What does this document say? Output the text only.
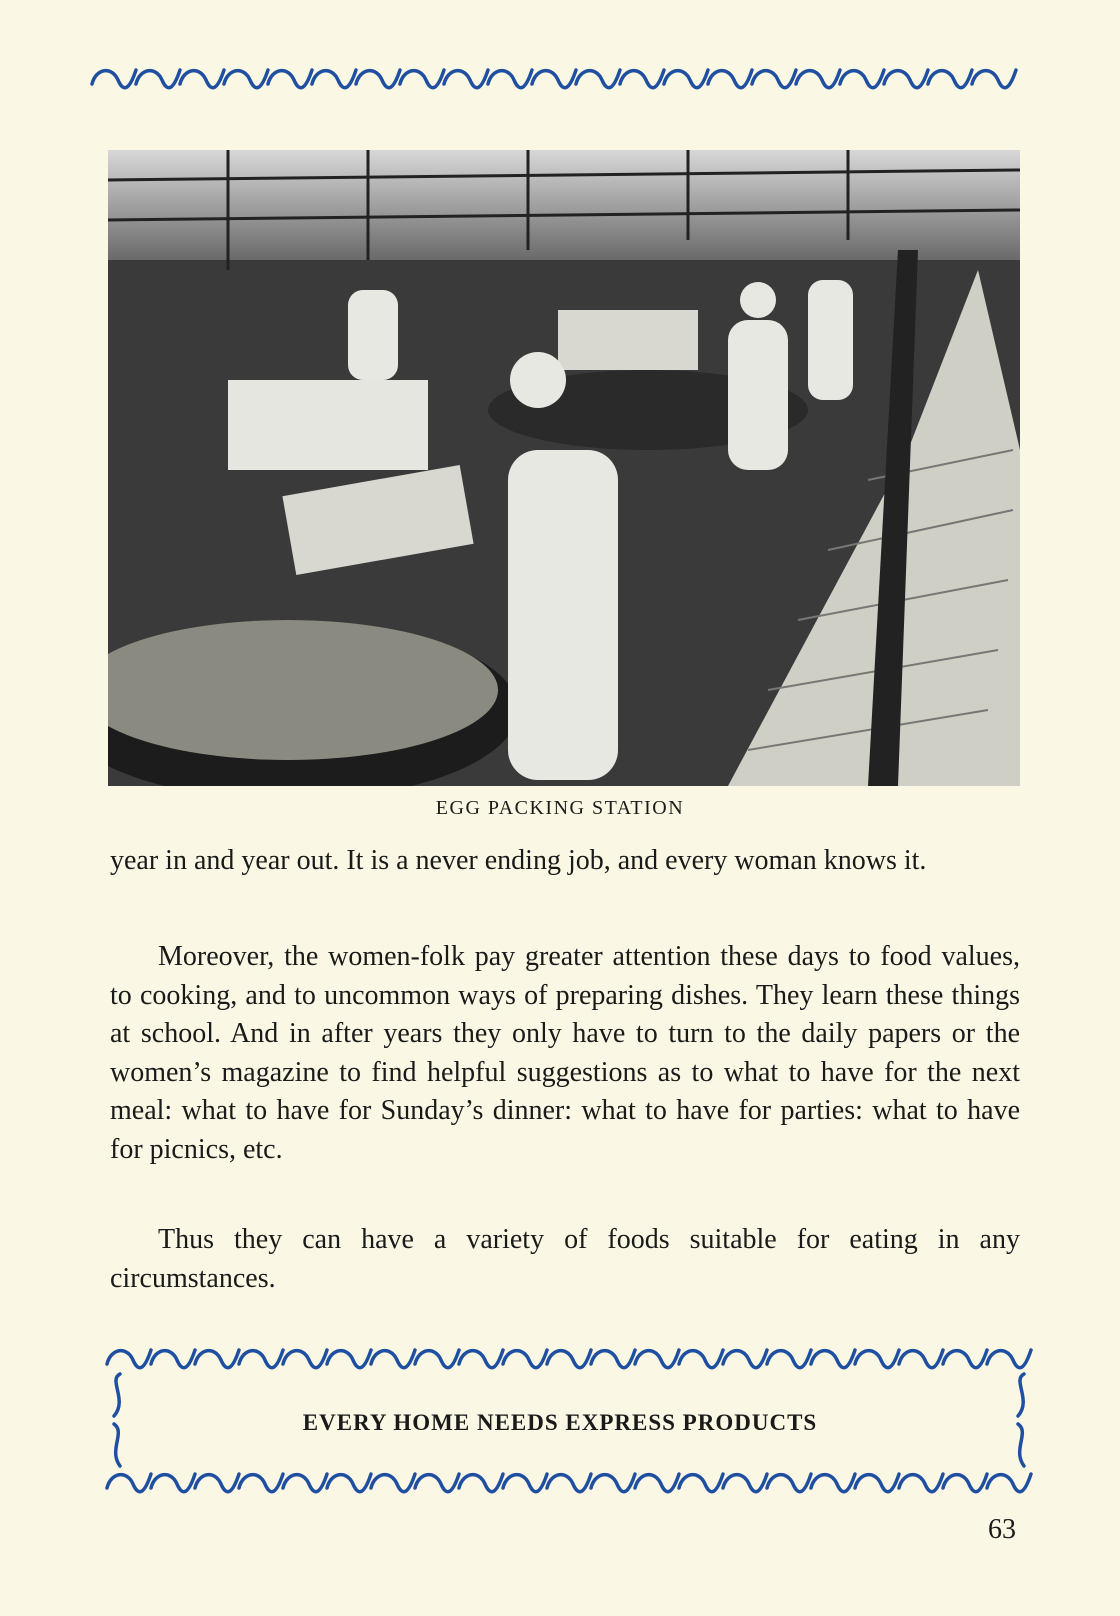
EGG PACKING STATION

year in and year out. It is a never ending job, and every woman knows it.

Moreover, the women-folk pay greater attention these days to food values, to cooking, and to uncommon ways of preparing dishes. They learn these things at school. And in after years they only have to turn to the daily papers or the women’s magazine to find helpful suggestions as to what to have for the next meal: what to have for Sunday’s dinner: what to have for parties: what to have for picnics, etc.

Thus they can have a variety of foods suitable for eating in any circumstances.

EVERY HOME NEEDS EXPRESS PRODUCTS
63
